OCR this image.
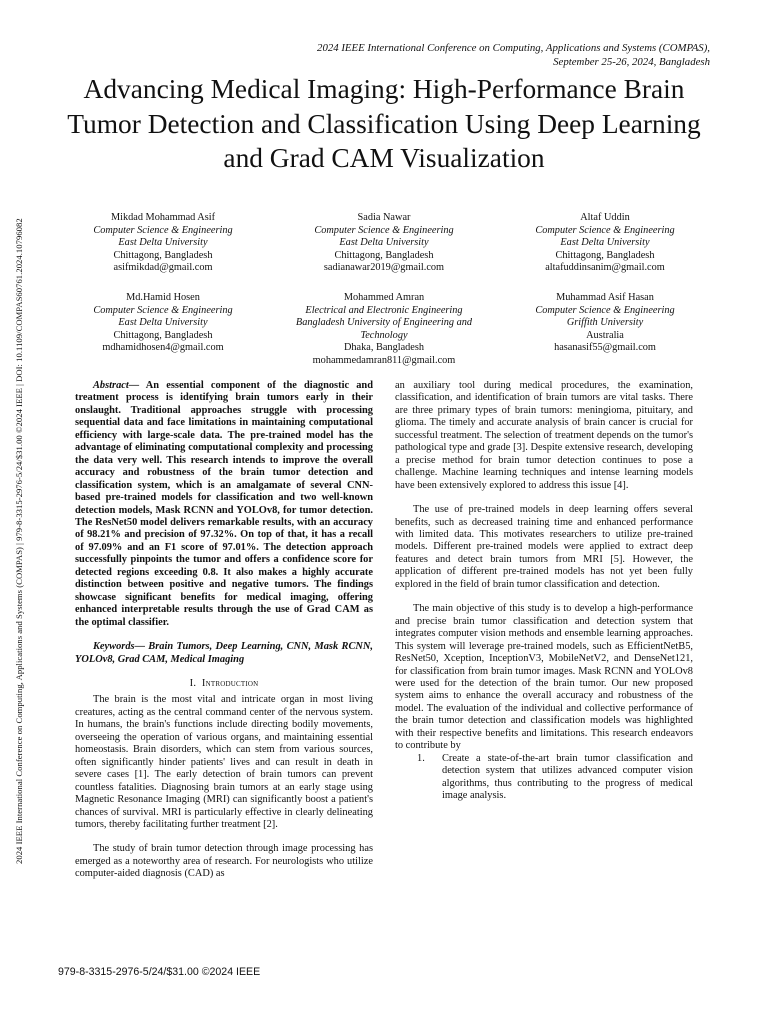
2024 IEEE International Conference on Computing, Applications and Systems (COMPAS),
September 25-26, 2024, Bangladesh
2024 IEEE International Conference on Computing, Applications and Systems (COMPAS) | 979-8-3315-2976-5/24/$31.00 ©2024 IEEE | DOI: 10.1109/COMPAS60761.2024.10796082
Advancing Medical Imaging: High-Performance Brain Tumor Detection and Classification Using Deep Learning and Grad CAM Visualization
Mikdad Mohammad Asif
Computer Science & Engineering
East Delta University
Chittagong, Bangladesh
asifmikdad@gmail.com
Sadia Nawar
Computer Science & Engineering
East Delta University
Chittagong, Bangladesh
sadianawar2019@gmail.com
Altaf Uddin
Computer Science & Engineering
East Delta University
Chittagong, Bangladesh
altafuddinsanim@gmail.com
Md.Hamid Hosen
Computer Science & Engineering
East Delta University
Chittagong, Bangladesh
mdhamidhosen4@gmail.com
Mohammed Amran
Electrical and Electronic Engineering
Bangladesh University of Engineering and Technology
Dhaka, Bangladesh
mohammedamran811@gmail.com
Muhammad Asif Hasan
Computer Science & Engineering
Griffith University
Australia
hasanasif55@gmail.com

Abstract— An essential component of the diagnostic and treatment process is identifying brain tumors early in their onslaught. Traditional approaches struggle with processing sequential data and face limitations in maintaining computational efficiency with large-scale data. The pre-trained model has the advantage of eliminating computational complexity and processing the data very well. This research intends to improve the overall accuracy and robustness of the brain tumor detection and classification system, which is an amalgamate of several CNN-based pre-trained models for classification and two well-known detection models, Mask RCNN and YOLOv8, for tumor detection. The ResNet50 model delivers remarkable results, with an accuracy of 98.21% and precision of 97.32%. On top of that, it has a recall of 97.09% and an F1 score of 97.01%. The detection approach successfully pinpoints the tumor and offers a confidence score for detected regions exceeding 0.8. It also makes a highly accurate distinction between positive and negative tumors. The findings showcase significant benefits for medical imaging, offering enhanced interpretable results through the use of Grad CAM as the optimal classifier.

Keywords— Brain Tumors, Deep Learning, CNN, Mask RCNN, YOLOv8, Grad CAM, Medical Imaging

I. Introduction

The brain is the most vital and intricate organ in most living creatures, acting as the central command center of the nervous system. In humans, the brain's functions include directing bodily movements, overseeing the operation of various organs, and maintaining essential homeostasis. Brain disorders, which can stem from various sources, often significantly hinder patients' lives and can result in death in severe cases [1]. The early detection of brain tumors can prevent countless fatalities. Diagnosing brain tumors at an early stage using Magnetic Resonance Imaging (MRI) can significantly boost a patient's chances of survival. MRI is particularly effective in clearly delineating tumors, thereby facilitating further treatment [2].

The study of brain tumor detection through image processing has emerged as a noteworthy area of research. For neurologists who utilize computer-aided diagnosis (CAD) as

an auxiliary tool during medical procedures, the examination, classification, and identification of brain tumors are vital tasks. There are three primary types of brain tumors: meningioma, pituitary, and glioma. The timely and accurate analysis of brain cancer is crucial for successful treatment. The selection of treatment depends on the tumor's pathological type and grade [3]. Despite extensive research, developing a precise method for brain tumor detection continues to pose a challenge. Machine learning techniques and intense learning models have been extensively explored to address this issue [4].

The use of pre-trained models in deep learning offers several benefits, such as decreased training time and enhanced performance with limited data. This motivates researchers to utilize pre-trained models. Different pre-trained models were applied to extract deep features and detect brain tumors from MRI [5]. However, the application of different pre-trained models has not yet been fully explored in the field of brain tumor classification and detection.

The main objective of this study is to develop a high-performance and precise brain tumor classification and detection system that integrates computer vision methods and ensemble learning approaches. This system will leverage pre-trained models, such as EfficientNetB5, ResNet50, Xception, InceptionV3, MobileNetV2, and DenseNet121, for classification from brain tumor images. Mask RCNN and YOLOv8 were used for the detection of the brain tumor. Our new proposed system aims to enhance the overall accuracy and robustness of the model. The evaluation of the individual and collective performance of the brain tumor detection and classification models was highlighted with their respective benefits and limitations. This research endeavors to contribute by

1.	Create a state-of-the-art brain tumor classification and detection system that utilizes advanced computer vision algorithms, thus contributing to the progress of medical image analysis.
979-8-3315-2976-5/24/$31.00 ©2024 IEEE
